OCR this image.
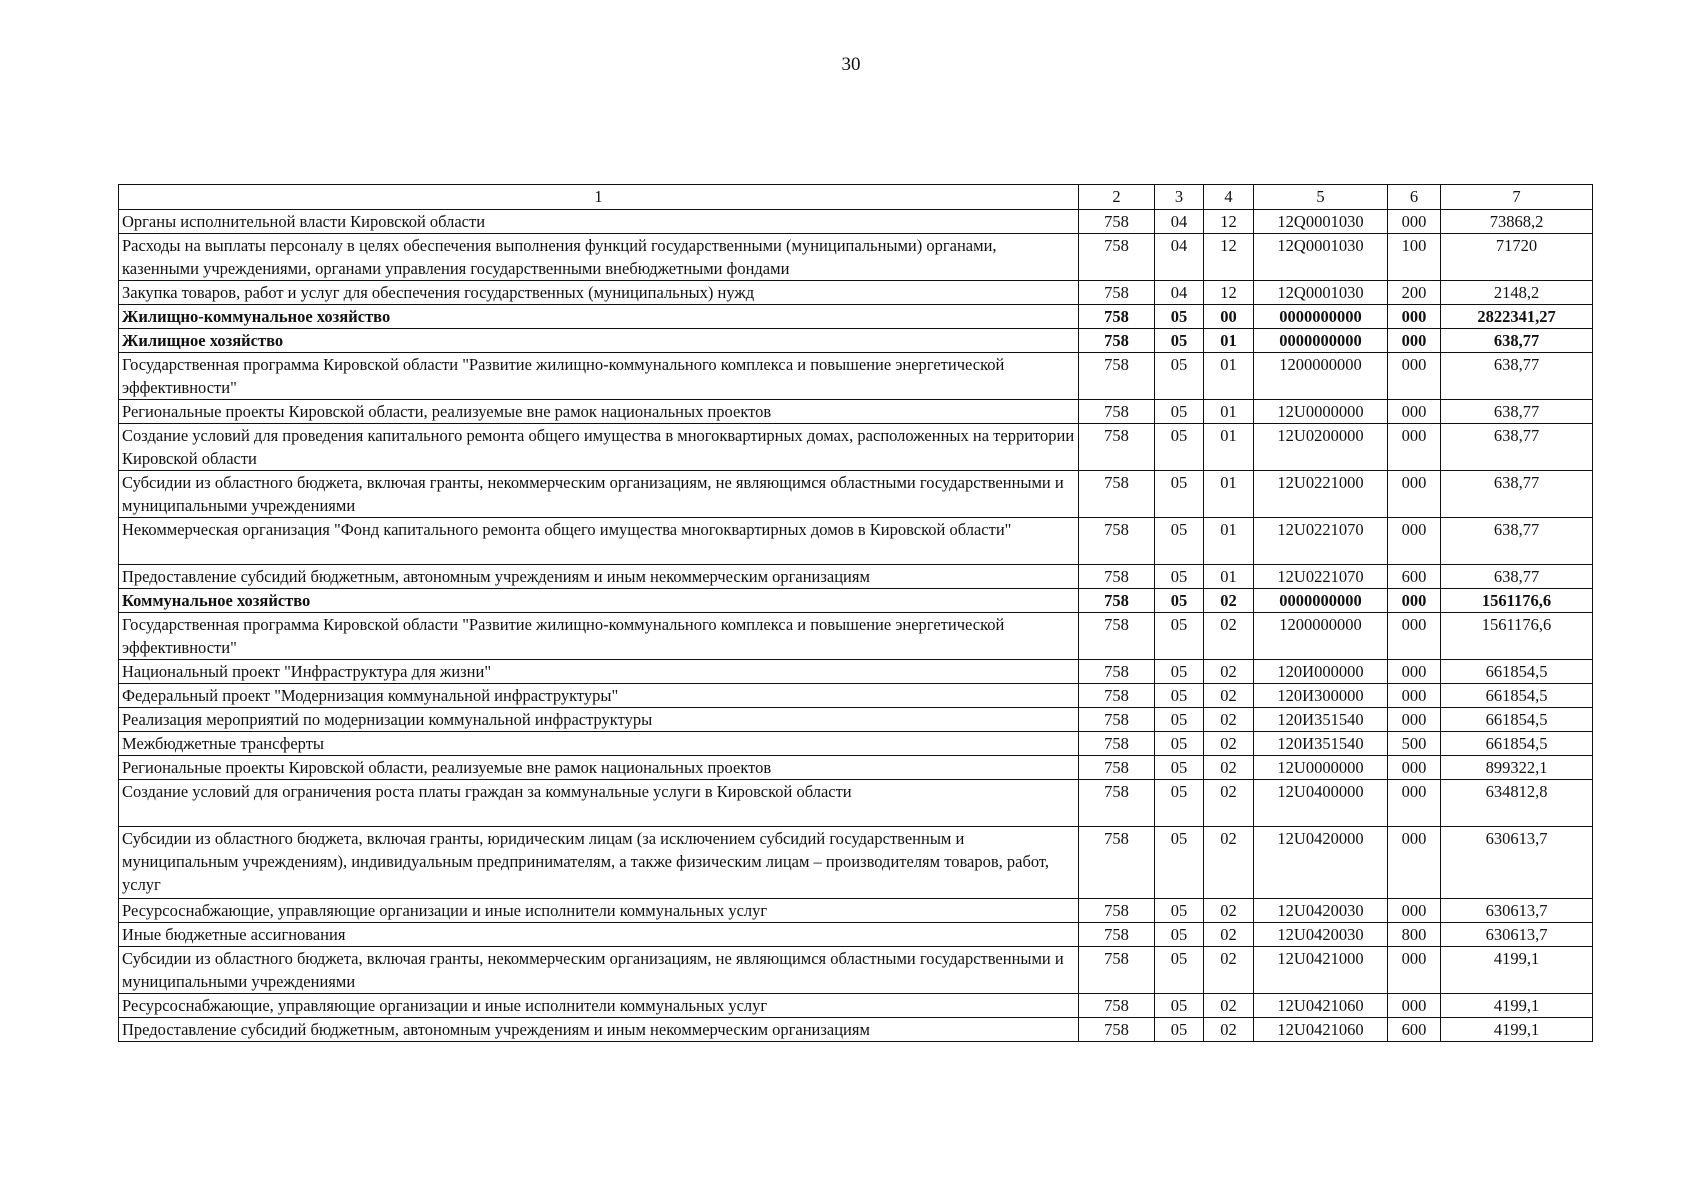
30
1	2	3	4	5	6	7
Органы исполнительной власти Кировской области	758	04	12	12Q0001030	000	73868,2
Расходы на выплаты персоналу в целях обеспечения выполнения функций государственными (муниципальными) органами, казенными учреждениями, органами управления государственными внебюджетными фондами	758	04	12	12Q0001030	100	71720
Закупка товаров, работ и услуг для обеспечения государственных (муниципальных) нужд	758	04	12	12Q0001030	200	2148,2
Жилищно-коммунальное хозяйство	758	05	00	0000000000	000	2822341,27
Жилищное хозяйство	758	05	01	0000000000	000	638,77
Государственная программа Кировской области "Развитие жилищно-коммунального комплекса и повышение энергетической эффективности"	758	05	01	1200000000	000	638,77
Региональные проекты Кировской области, реализуемые вне рамок национальных проектов	758	05	01	12U0000000	000	638,77
Создание условий для проведения капитального ремонта общего имущества в многоквартирных домах, расположенных на территории Кировской области	758	05	01	12U0200000	000	638,77
Субсидии из областного бюджета, включая гранты, некоммерческим организациям, не являющимся областными государственными и муниципальными учреждениями	758	05	01	12U0221000	000	638,77
Некоммерческая организация "Фонд капитального ремонта общего имущества многоквартирных домов в Кировской области"	758	05	01	12U0221070	000	638,77
Предоставление субсидий бюджетным, автономным учреждениям и иным некоммерческим организациям	758	05	01	12U0221070	600	638,77
Коммунальное хозяйство	758	05	02	0000000000	000	1561176,6
Государственная программа Кировской области "Развитие жилищно-коммунального комплекса и повышение энергетической эффективности"	758	05	02	1200000000	000	1561176,6
Национальный проект "Инфраструктура для жизни"	758	05	02	120И000000	000	661854,5
Федеральный проект "Модернизация коммунальной инфраструктуры"	758	05	02	120И300000	000	661854,5
Реализация мероприятий по модернизации коммунальной инфраструктуры	758	05	02	120И351540	000	661854,5
Межбюджетные трансферты	758	05	02	120И351540	500	661854,5
Региональные проекты Кировской области, реализуемые вне рамок национальных проектов	758	05	02	12U0000000	000	899322,1
Создание условий для ограничения роста платы граждан за коммунальные услуги в Кировской области	758	05	02	12U0400000	000	634812,8
Субсидии из областного бюджета, включая гранты, юридическим лицам (за исключением субсидий государственным и муниципальным учреждениям), индивидуальным предпринимателям, а также физическим лицам – производителям товаров, работ, услуг	758	05	02	12U0420000	000	630613,7
Ресурсоснабжающие, управляющие организации и иные исполнители коммунальных услуг	758	05	02	12U0420030	000	630613,7
Иные бюджетные ассигнования	758	05	02	12U0420030	800	630613,7
Субсидии из областного бюджета, включая гранты, некоммерческим организациям, не являющимся областными государственными и муниципальными учреждениями	758	05	02	12U0421000	000	4199,1
Ресурсоснабжающие, управляющие организации и иные исполнители коммунальных услуг	758	05	02	12U0421060	000	4199,1
Предоставление субсидий бюджетным, автономным учреждениям и иным некоммерческим организациям	758	05	02	12U0421060	600	4199,1
